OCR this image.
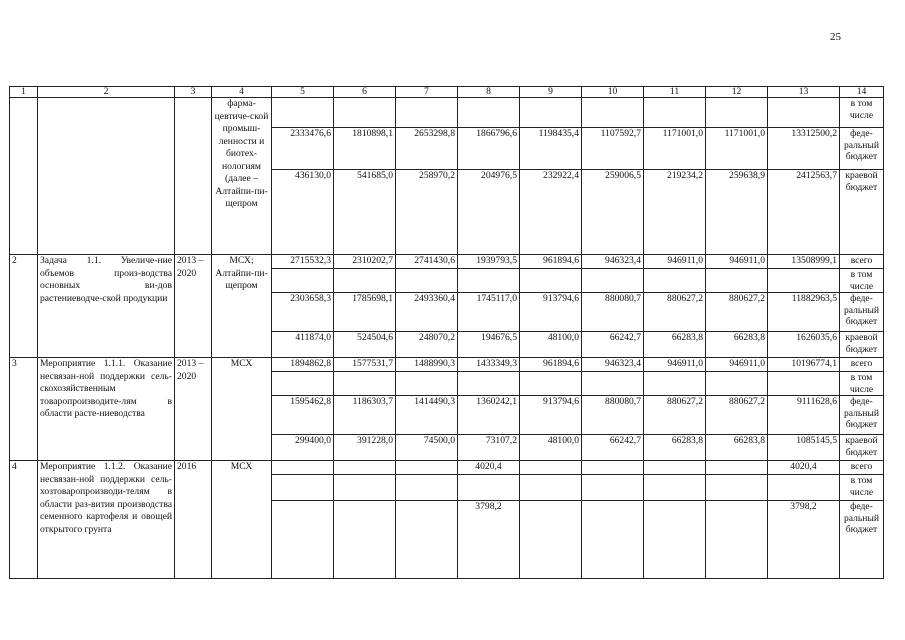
25
1	2	3	4	5	6	7	8	9	10	11	12	13	14
			фарма-цевтиче-ской промыш-ленности и биотех-нологиям (далее – Алтайпи-пи-щепром										в том числе
				2333476,6	1810898,1	2653298,8	1866796,6	1198435,4	1107592,7	1171001,0	1171001,0	13312500,2	феде-ральный бюджет
				436130,0	541685,0	258970,2	204976,5	232922,4	259006,5	219234,2	259638,9	2412563,7	краевой бюджет
2	Задача 1.1. Увеличе-ние объемов произ-водства основных ви-дов растениеводче-ской продукции	2013 – 2020	МСХ; Алтайпи-пи-щепром	2715532,3	2310202,7	2741430,6	1939793,5	961894,6	946323,4	946911,0	946911,0	13508999,1	всего
													в том числе
				2303658,3	1785698,1	2493360,4	1745117,0	913794,6	880080,7	880627,2	880627,2	11882963,5	феде-ральный бюджет
				411874,0	524504,6	248070,2	194676,5	48100,0	66242,7	66283,8	66283,8	1626035,6	краевой бюджет
3	Мероприятие 1.1.1. Оказание несвязан-ной поддержки сель-скохозяйственным товаропроизводите-лям в области расте-ниеводства	2013 – 2020	МСХ	1894862,8	1577531,7	1488990,3	1433349,3	961894,6	946323,4	946911,0	946911,0	10196774,1	всего
													в том числе
				1595462,8	1186303,7	1414490,3	1360242,1	913794,6	880080,7	880627,2	880627,2	9111628,6	феде-ральный бюджет
				299400,0	391228,0	74500,0	73107,2	48100,0	66242,7	66283,8	66283,8	1085145,5	краевой бюджет
4	Мероприятие 1.1.2. Оказание несвязан-ной поддержки сель-хозтоваропроизводи-телям в области раз-вития производства семенного картофеля и овощей открытого грунта	2016	МСХ				4020,4					4020,4	всего
													в том числе
							3798,2					3798,2	феде-ральный бюджет
